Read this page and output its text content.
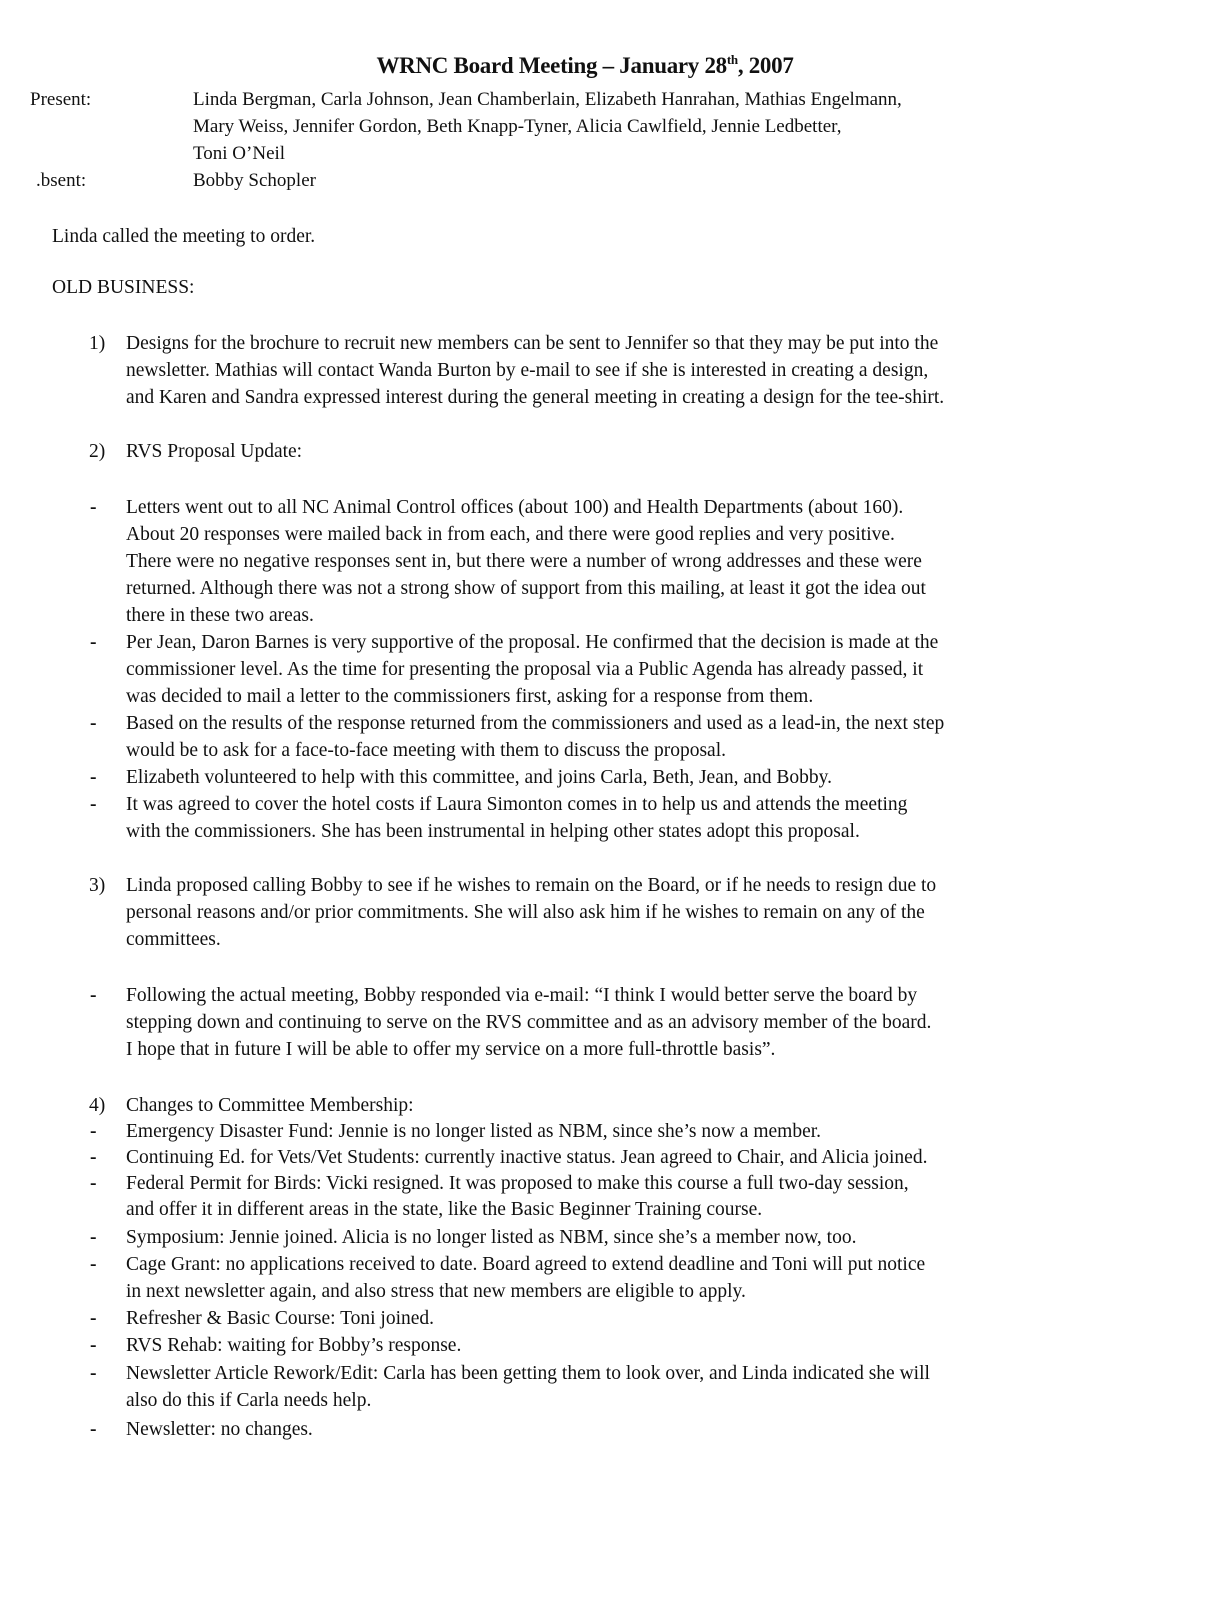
WRNC Board Meeting – January 28th, 2007
Present:	Linda Bergman, Carla Johnson, Jean Chamberlain, Elizabeth Hanrahan, Mathias Engelmann,
Mary Weiss, Jennifer Gordon, Beth Knapp-Tyner, Alicia Cawlfield, Jennie Ledbetter,
Toni O’Neil
.bsent:	Bobby Schopler
Linda called the meeting to order.
OLD BUSINESS:
1) Designs for the brochure to recruit new members can be sent to Jennifer so that they may be put into the
newsletter. Mathias will contact Wanda Burton by e-mail to see if she is interested in creating a design,
and Karen and Sandra expressed interest during the general meeting in creating a design for the tee-shirt.
2) RVS Proposal Update:
- Letters went out to all NC Animal Control offices (about 100) and Health Departments (about 160).
About 20 responses were mailed back in from each, and there were good replies and very positive.
There were no negative responses sent in, but there were a number of wrong addresses and these were
returned. Although there was not a strong show of support from this mailing, at least it got the idea out
there in these two areas.
- Per Jean, Daron Barnes is very supportive of the proposal. He confirmed that the decision is made at the
commissioner level. As the time for presenting the proposal via a Public Agenda has already passed, it
was decided to mail a letter to the commissioners first, asking for a response from them.
- Based on the results of the response returned from the commissioners and used as a lead-in, the next step
would be to ask for a face-to-face meeting with them to discuss the proposal.
- Elizabeth volunteered to help with this committee, and joins Carla, Beth, Jean, and Bobby.
- It was agreed to cover the hotel costs if Laura Simonton comes in to help us and attends the meeting
with the commissioners. She has been instrumental in helping other states adopt this proposal.
3) Linda proposed calling Bobby to see if he wishes to remain on the Board, or if he needs to resign due to
personal reasons and/or prior commitments. She will also ask him if he wishes to remain on any of the
committees.
- Following the actual meeting, Bobby responded via e-mail: “I think I would better serve the board by
stepping down and continuing to serve on the RVS committee and as an advisory member of the board.
I hope that in future I will be able to offer my service on a more full-throttle basis”.
4) Changes to Committee Membership:
- Emergency Disaster Fund: Jennie is no longer listed as NBM, since she’s now a member.
- Continuing Ed. for Vets/Vet Students: currently inactive status. Jean agreed to Chair, and Alicia joined.
- Federal Permit for Birds: Vicki resigned. It was proposed to make this course a full two-day session,
and offer it in different areas in the state, like the Basic Beginner Training course.
- Symposium: Jennie joined. Alicia is no longer listed as NBM, since she’s a member now, too.
- Cage Grant: no applications received to date. Board agreed to extend deadline and Toni will put notice
in next newsletter again, and also stress that new members are eligible to apply.
- Refresher & Basic Course: Toni joined.
- RVS Rehab: waiting for Bobby’s response.
- Newsletter Article Rework/Edit: Carla has been getting them to look over, and Linda indicated she will
also do this if Carla needs help.
- Newsletter: no changes.
